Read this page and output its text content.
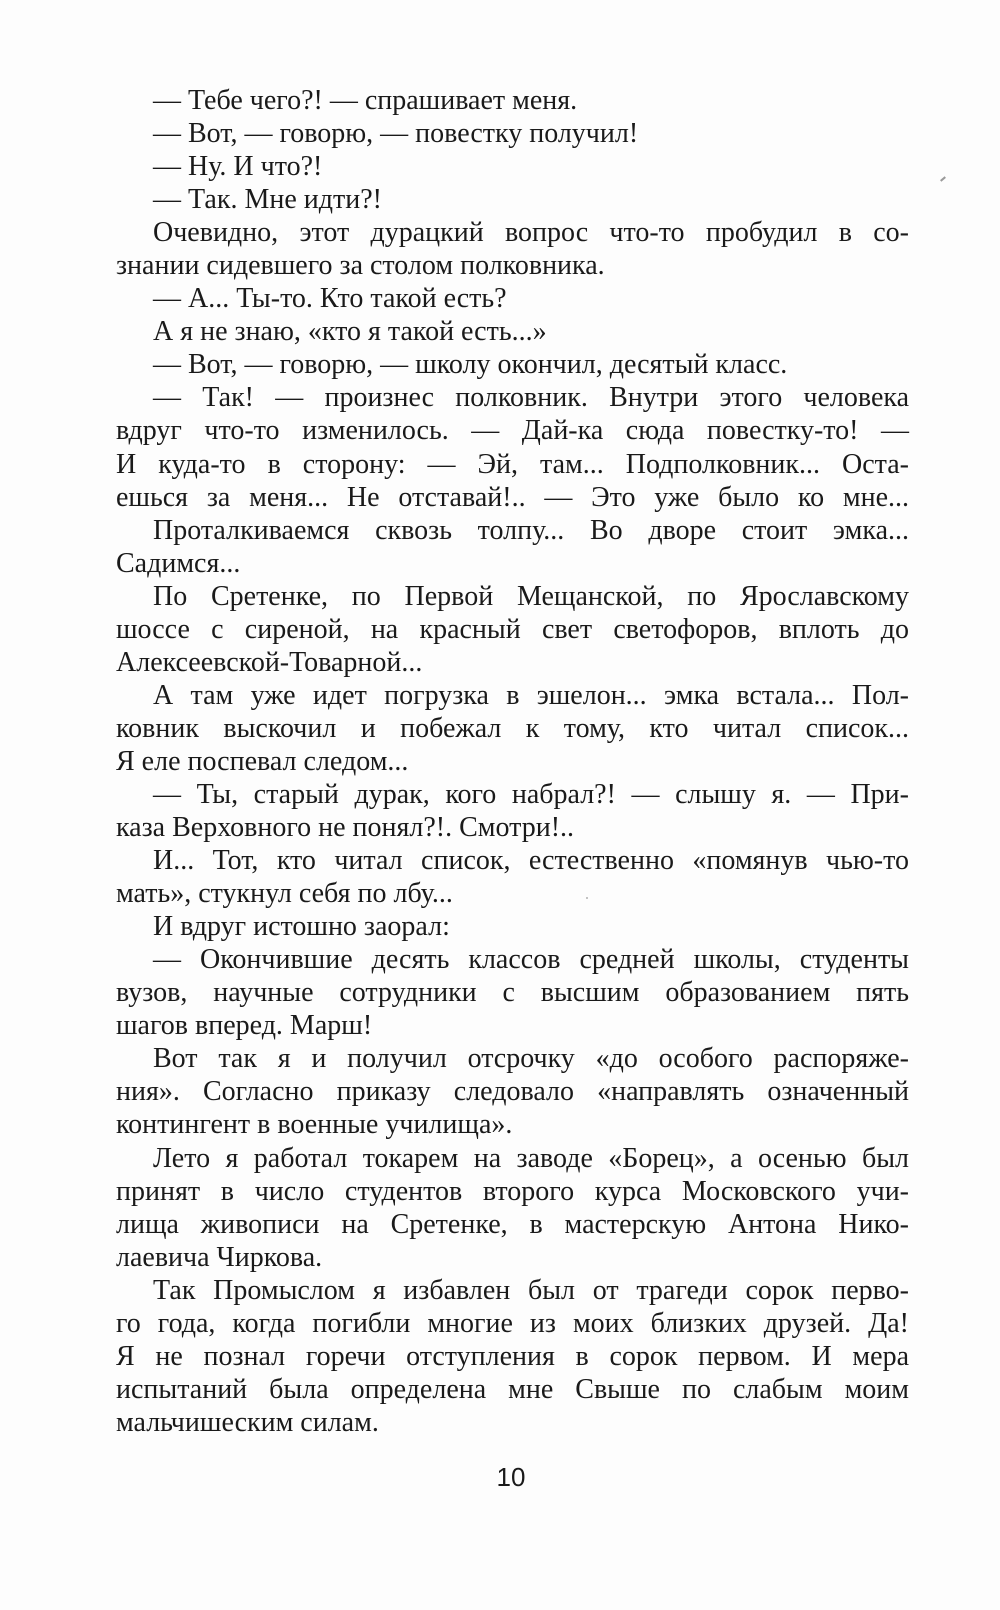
— Тебе чего?! — спрашивает меня.
— Вот, — говорю, — повестку получил!
— Ну. И что?!
— Так. Мне идти?!
Очевидно, этот дурацкий вопрос что-то пробудил в со-
знании сидевшего за столом полковника.
— А... Ты-то. Кто такой есть?
А я не знаю, «кто я такой есть...»
— Вот, — говорю, — школу окончил, десятый класс.
— Так! — произнес полковник. Внутри этого человека
вдруг что-то изменилось. — Дай-ка сюда повестку-то! —
И куда-то в сторону: — Эй, там... Подполковник... Оста-
ешься за меня... Не отставай!.. — Это уже было ко мне...
Проталкиваемся сквозь толпу... Во дворе стоит эмка...
Садимся...
По Сретенке, по Первой Мещанской, по Ярославскому
шоссе с сиреной, на красный свет светофоров, вплоть до
Алексеевской-Товарной...
А там уже идет погрузка в эшелон... эмка встала... Пол-
ковник выскочил и побежал к тому, кто читал список...
Я еле поспевал следом...
— Ты, старый дурак, кого набрал?! — слышу я. — При-
каза Верховного не понял?!. Смотри!..
И... Тот, кто читал список, естественно «помянув чью-то
мать», стукнул себя по лбу...
И вдруг истошно заорал:
— Окончившие десять классов средней школы, студенты
вузов, научные сотрудники с высшим образованием пять
шагов вперед. Марш!
Вот так я и получил отсрочку «до особого распоряже-
ния». Согласно приказу следовало «направлять означенный
контингент в военные училища».
Лето я работал токарем на заводе «Борец», а осенью был
принят в число студентов второго курса Московского учи-
лища живописи на Сретенке, в мастерскую Антона Нико-
лаевича Чиркова.
Так Промыслом я избавлен был от трагеди сорок перво-
го года, когда погибли многие из моих близких друзей. Да!
Я не познал горечи отступления в сорок первом. И мера
испытаний была определена мне Свыше по слабым моим
мальчишеским силам.
10
